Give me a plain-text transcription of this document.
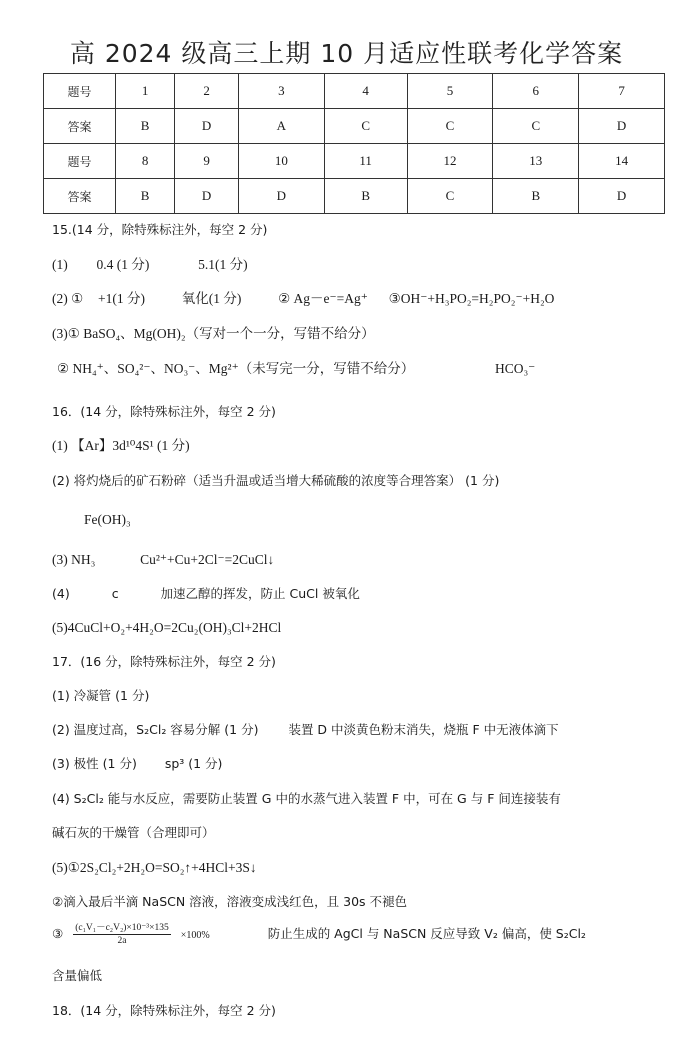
高 2024 级高三上期 10 月适应性联考化学答案
题号	1	2	3	4	5	6	7
答案	B	D	A	C	C	C	D
题号	8	9	10	11	12	13	14
答案	B	D	D	B	C	B	D
15.(14 分，除特殊标注外，每空 2 分)
(1) 0.4 (1 分)	5.1(1 分)
(2) ① +1(1 分)	氧化(1 分)	② Ag－e⁻=Ag⁺ ③OH⁻+H₃PO₂=H₂PO₂⁻+H₂O
(3)① BaSO₄、Mg(OH)₂（写对一个一分，写错不给分）
② NH₄⁺、SO₄²⁻、NO₃⁻、Mg²⁺（未写完一分，写错不给分）	HCO₃⁻
16．(14 分，除特殊标注外，每空 2 分)
(1) 【Ar】3d¹⁰4S¹ (1 分)
(2) 将灼烧后的矿石粉碎（适当升温或适当增大稀硫酸的浓度等合理答案） (1 分)
Fe(OH)₃
(3) NH₃	Cu²⁺+Cu+2Cl⁻=2CuCl↓
(4)	c	加速乙醇的挥发，防止 CuCl 被氧化
(5)4CuCl+O₂+4H₂O=2Cu₂(OH)₃Cl+2HCl
17．(16 分，除特殊标注外，每空 2 分)
(1) 冷凝管 (1 分)
(2) 温度过高，S₂Cl₂ 容易分解 (1 分) 装置 D 中淡黄色粉末消失，烧瓶 F 中无液体滴下
(3) 极性 (1 分) sp³ (1 分)
(4) S₂Cl₂ 能与水反应，需要防止装置 G 中的水蒸气进入装置 F 中，可在 G 与 F 间连接装有
碱石灰的干燥管（合理即可）
(5)①2S₂Cl₂+2H₂O=SO₂↑+4HCl+3S↓
②滴入最后半滴 NaSCN 溶液，溶液变成浅红色，且 30s 不褪色
③ $\frac{\text{(c₁V₁－c₂V₂)×10⁻³×135}}{2a} \times 100\%$	防止生成的 AgCl 与 NaSCN 反应导致 V₂ 偏高，使 S₂Cl₂
含量偏低
18．(14 分，除特殊标注外，每空 2 分)
